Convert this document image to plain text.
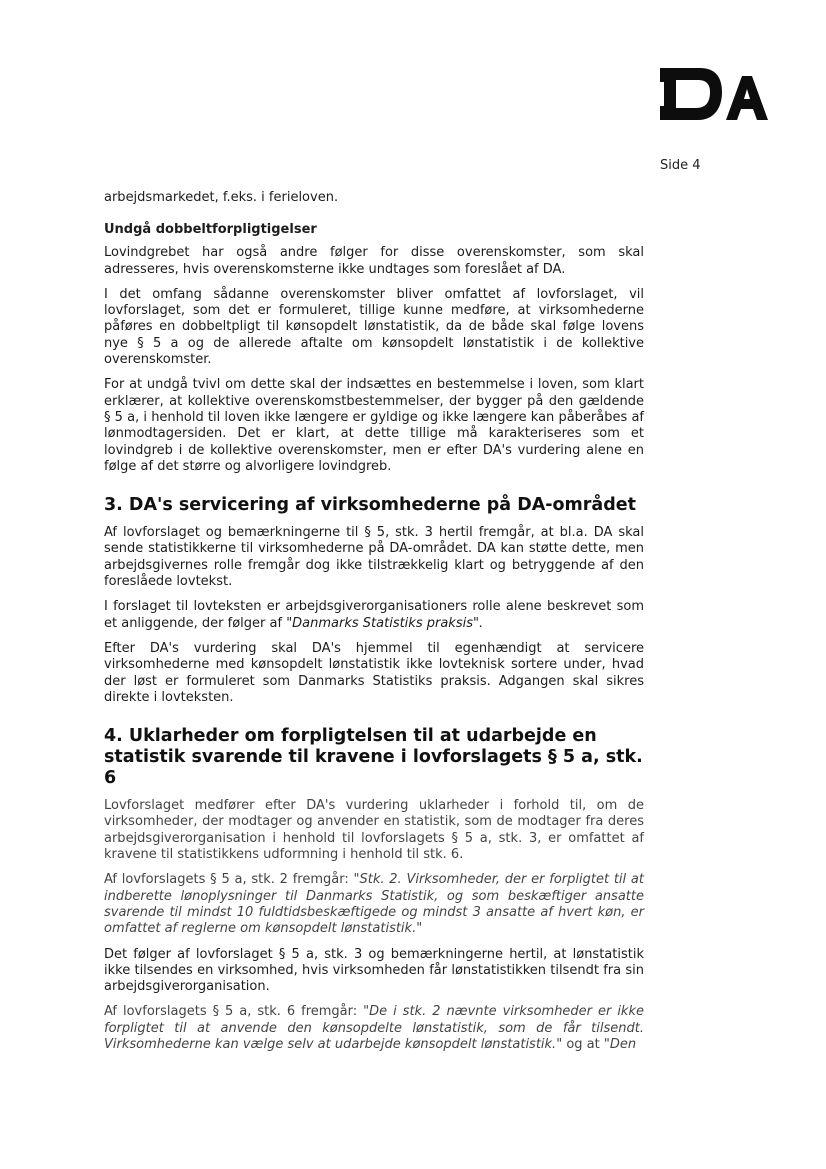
Side 4

arbejdsmarkedet, f.eks. i ferieloven.

Undgå dobbeltforpligtigelser

Lovindgrebet har også andre følger for disse overenskomster, som skal adresseres, hvis overenskomsterne ikke undtages som foreslået af DA.

I det omfang sådanne overenskomster bliver omfattet af lovforslaget, vil lovforslaget, som det er formuleret, tillige kunne medføre, at virksomhederne påføres en dobbeltpligt til kønsopdelt lønstatistik, da de både skal følge lovens nye § 5 a og de allerede aftalte om kønsopdelt lønstatistik i de kollektive overenskomster.

For at undgå tvivl om dette skal der indsættes en bestemmelse i loven, som klart erklærer, at kollektive overenskomstbestemmelser, der bygger på den gældende § 5 a, i henhold til loven ikke længere er gyldige og ikke længere kan påberåbes af lønmodtagersiden. Det er klart, at dette tillige må karakteriseres som et lovindgreb i de kollektive overenskomster, men er efter DA's vurdering alene en følge af det større og alvorligere lovindgreb.

3. DA's servicering af virksomhederne på DA-området

Af lovforslaget og bemærkningerne til § 5, stk. 3 hertil fremgår, at bl.a. DA skal sende statistikkerne til virksomhederne på DA-området. DA kan støtte dette, men arbejdsgivernes rolle fremgår dog ikke tilstrækkelig klart og betryggende af den foreslåede lovtekst.

I forslaget til lovteksten er arbejdsgiverorganisationers rolle alene beskrevet som et anliggende, der følger af "Danmarks Statistiks praksis".

Efter DA's vurdering skal DA's hjemmel til egenhændigt at servicere virksomhederne med kønsopdelt lønstatistik ikke lovteknisk sortere under, hvad der løst er formuleret som Danmarks Statistiks praksis. Adgangen skal sikres direkte i lovteksten.

4. Uklarheder om forpligtelsen til at udarbejde en statistik svarende til kravene i lovforslagets § 5 a, stk. 6

Lovforslaget medfører efter DA's vurdering uklarheder i forhold til, om de virksomheder, der modtager og anvender en statistik, som de modtager fra deres arbejdsgiverorganisation i henhold til lovforslagets § 5 a, stk. 3, er omfattet af kravene til statistikkens udformning i henhold til stk. 6.

Af lovforslagets § 5 a, stk. 2 fremgår: "Stk. 2. Virksomheder, der er forpligtet til at indberette lønoplysninger til Danmarks Statistik, og som beskæftiger ansatte svarende til mindst 10 fuldtidsbeskæftigede og mindst 3 ansatte af hvert køn, er omfattet af reglerne om kønsopdelt lønstatistik."

Det følger af lovforslaget § 5 a, stk. 3 og bemærkningerne hertil, at lønstatistik ikke tilsendes en virksomhed, hvis virksomheden får lønstatistikken tilsendt fra sin arbejdsgiverorganisation.

Af lovforslagets § 5 a, stk. 6 fremgår: "De i stk. 2 nævnte virksomheder er ikke forpligtet til at anvende den kønsopdelte lønstatistik, som de får tilsendt. Virksomhederne kan vælge selv at udarbejde kønsopdelt lønstatistik." og at "Den
